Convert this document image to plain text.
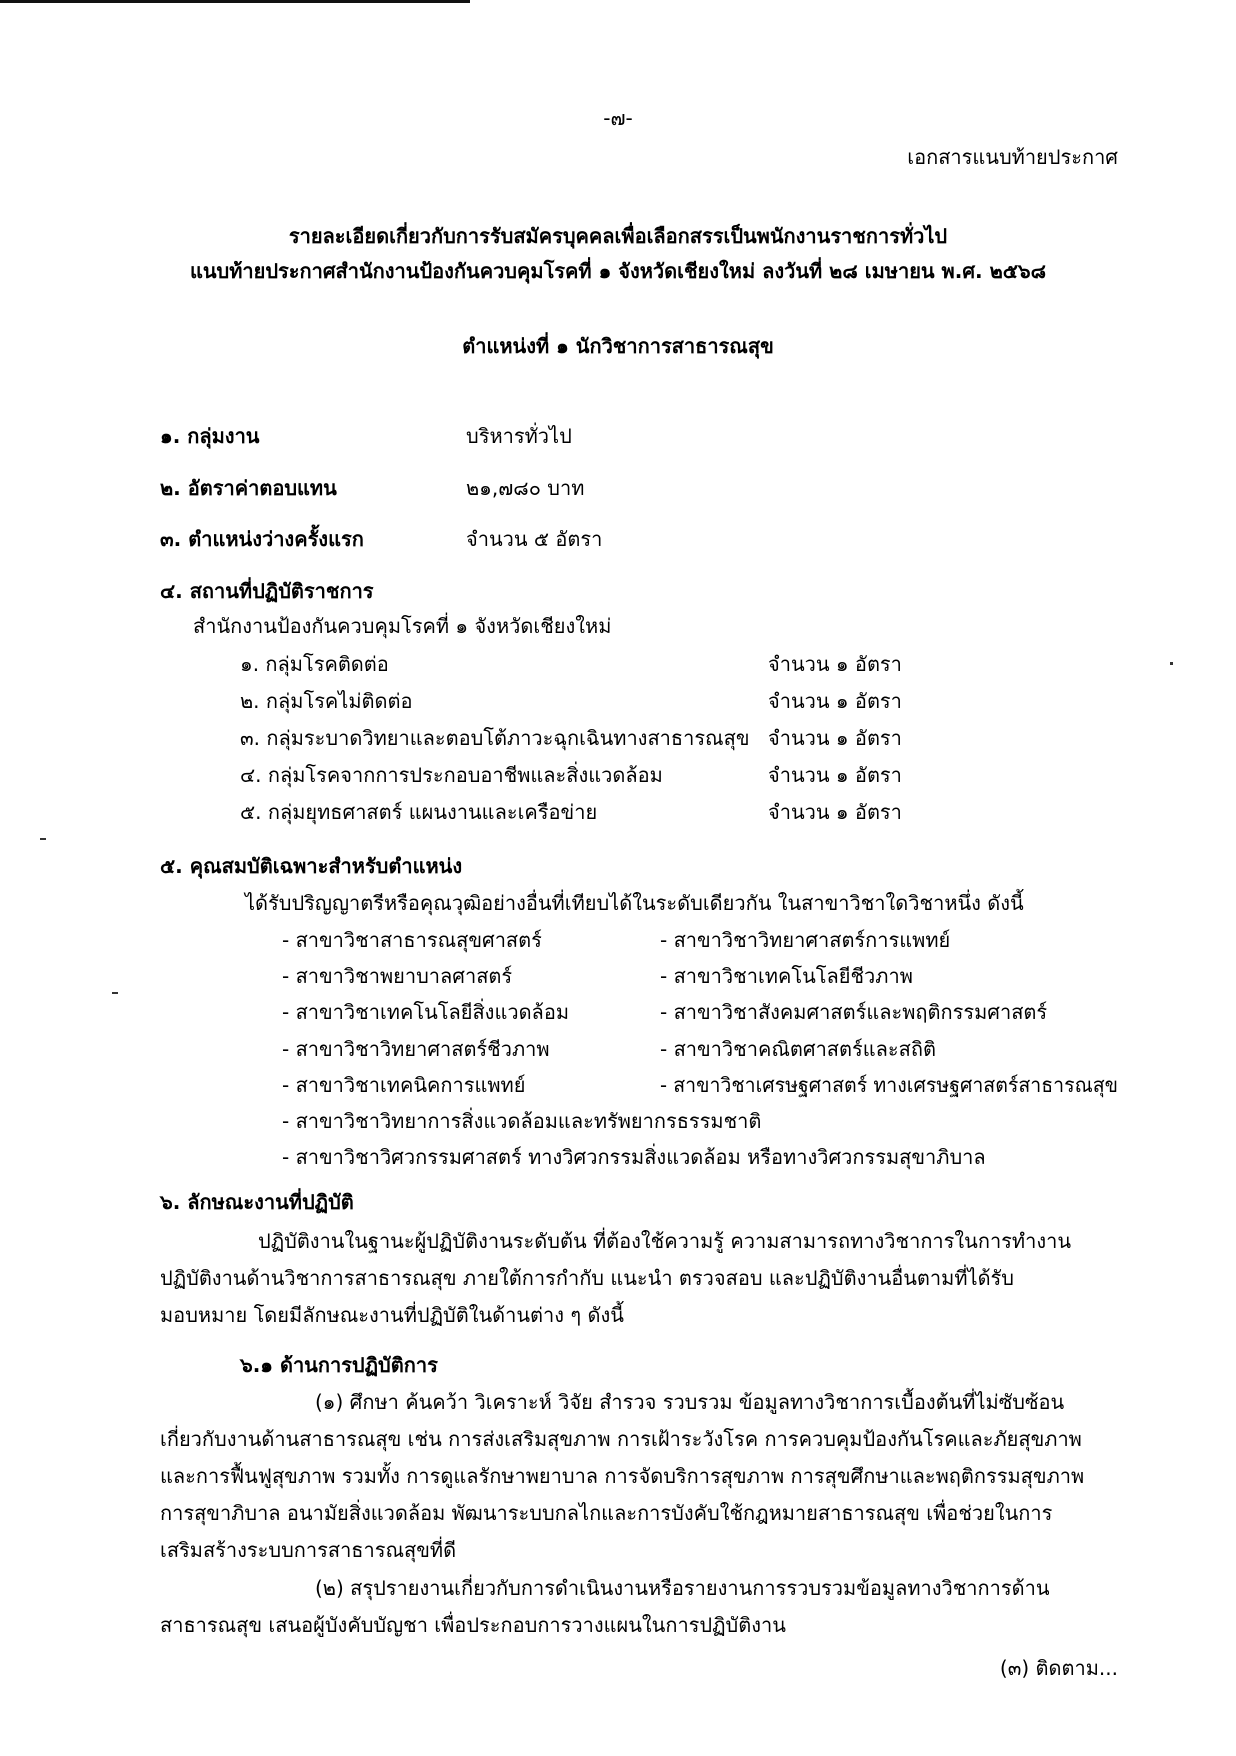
-๗-
เอกสารแนบท้ายประกาศ
รายละเอียดเกี่ยวกับการรับสมัครบุคคลเพื่อเลือกสรรเป็นพนักงานราชการทั่วไป
แนบท้ายประกาศสำนักงานป้องกันควบคุมโรคที่ ๑ จังหวัดเชียงใหม่ ลงวันที่ ๒๘ เมษายน พ.ศ. ๒๕๖๘
ตำแหน่งที่ ๑ นักวิชาการสาธารณสุข
๑. กลุ่มงาน	บริหารทั่วไป
๒. อัตราค่าตอบแทน	๒๑,๗๘๐ บาท
๓. ตำแหน่งว่างครั้งแรก	จำนวน ๕ อัตรา
๔. สถานที่ปฏิบัติราชการ
สำนักงานป้องกันควบคุมโรคที่ ๑ จังหวัดเชียงใหม่
๑. กลุ่มโรคติดต่อ	จำนวน ๑ อัตรา
๒. กลุ่มโรคไม่ติดต่อ	จำนวน ๑ อัตรา
๓. กลุ่มระบาดวิทยาและตอบโต้ภาวะฉุกเฉินทางสาธารณสุข จำนวน ๑ อัตรา
๔. กลุ่มโรคจากการประกอบอาชีพและสิ่งแวดล้อม	จำนวน ๑ อัตรา
๕. กลุ่มยุทธศาสตร์ แผนงานและเครือข่าย	จำนวน ๑ อัตรา
๕. คุณสมบัติเฉพาะสำหรับตำแหน่ง
ได้รับปริญญาตรีหรือคุณวุฒิอย่างอื่นที่เทียบได้ในระดับเดียวกัน ในสาขาวิชาใดวิชาหนึ่ง ดังนี้
- สาขาวิชาสาธารณสุขศาสตร์	- สาขาวิชาวิทยาศาสตร์การแพทย์
- สาขาวิชาพยาบาลศาสตร์	- สาขาวิชาเทคโนโลยีชีวภาพ
- สาขาวิชาเทคโนโลยีสิ่งแวดล้อม	- สาขาวิชาสังคมศาสตร์และพฤติกรรมศาสตร์
- สาขาวิชาวิทยาศาสตร์ชีวภาพ	- สาขาวิชาคณิตศาสตร์และสถิติ
- สาขาวิชาเทคนิคการแพทย์	- สาขาวิชาเศรษฐศาสตร์ ทางเศรษฐศาสตร์สาธารณสุข
- สาขาวิชาวิทยาการสิ่งแวดล้อมและทรัพยากรธรรมชาติ
- สาขาวิชาวิศวกรรมศาสตร์ ทางวิศวกรรมสิ่งแวดล้อม หรือทางวิศวกรรมสุขาภิบาล
๖. ลักษณะงานที่ปฏิบัติ
ปฏิบัติงานในฐานะผู้ปฏิบัติงานระดับต้น ที่ต้องใช้ความรู้ ความสามารถทางวิชาการในการทำงาน
ปฏิบัติงานด้านวิชาการสาธารณสุข ภายใต้การกำกับ แนะนำ ตรวจสอบ และปฏิบัติงานอื่นตามที่ได้รับ
มอบหมาย โดยมีลักษณะงานที่ปฏิบัติในด้านต่าง ๆ ดังนี้
๖.๑ ด้านการปฏิบัติการ
(๑) ศึกษา ค้นคว้า วิเคราะห์ วิจัย สำรวจ รวบรวม ข้อมูลทางวิชาการเบื้องต้นที่ไม่ซับซ้อน
เกี่ยวกับงานด้านสาธารณสุข เช่น การส่งเสริมสุขภาพ การเฝ้าระวังโรค การควบคุมป้องกันโรคและภัยสุขภาพ
และการฟื้นฟูสุขภาพ รวมทั้ง การดูแลรักษาพยาบาล การจัดบริการสุขภาพ การสุขศึกษาและพฤติกรรมสุขภาพ
การสุขาภิบาล อนามัยสิ่งแวดล้อม พัฒนาระบบกลไกและการบังคับใช้กฎหมายสาธารณสุข เพื่อช่วยในการ
เสริมสร้างระบบการสาธารณสุขที่ดี
(๒) สรุปรายงานเกี่ยวกับการดำเนินงานหรือรายงานการรวบรวมข้อมูลทางวิชาการด้าน
สาธารณสุข เสนอผู้บังคับบัญชา เพื่อประกอบการวางแผนในการปฏิบัติงาน
(๓) ติดตาม...
